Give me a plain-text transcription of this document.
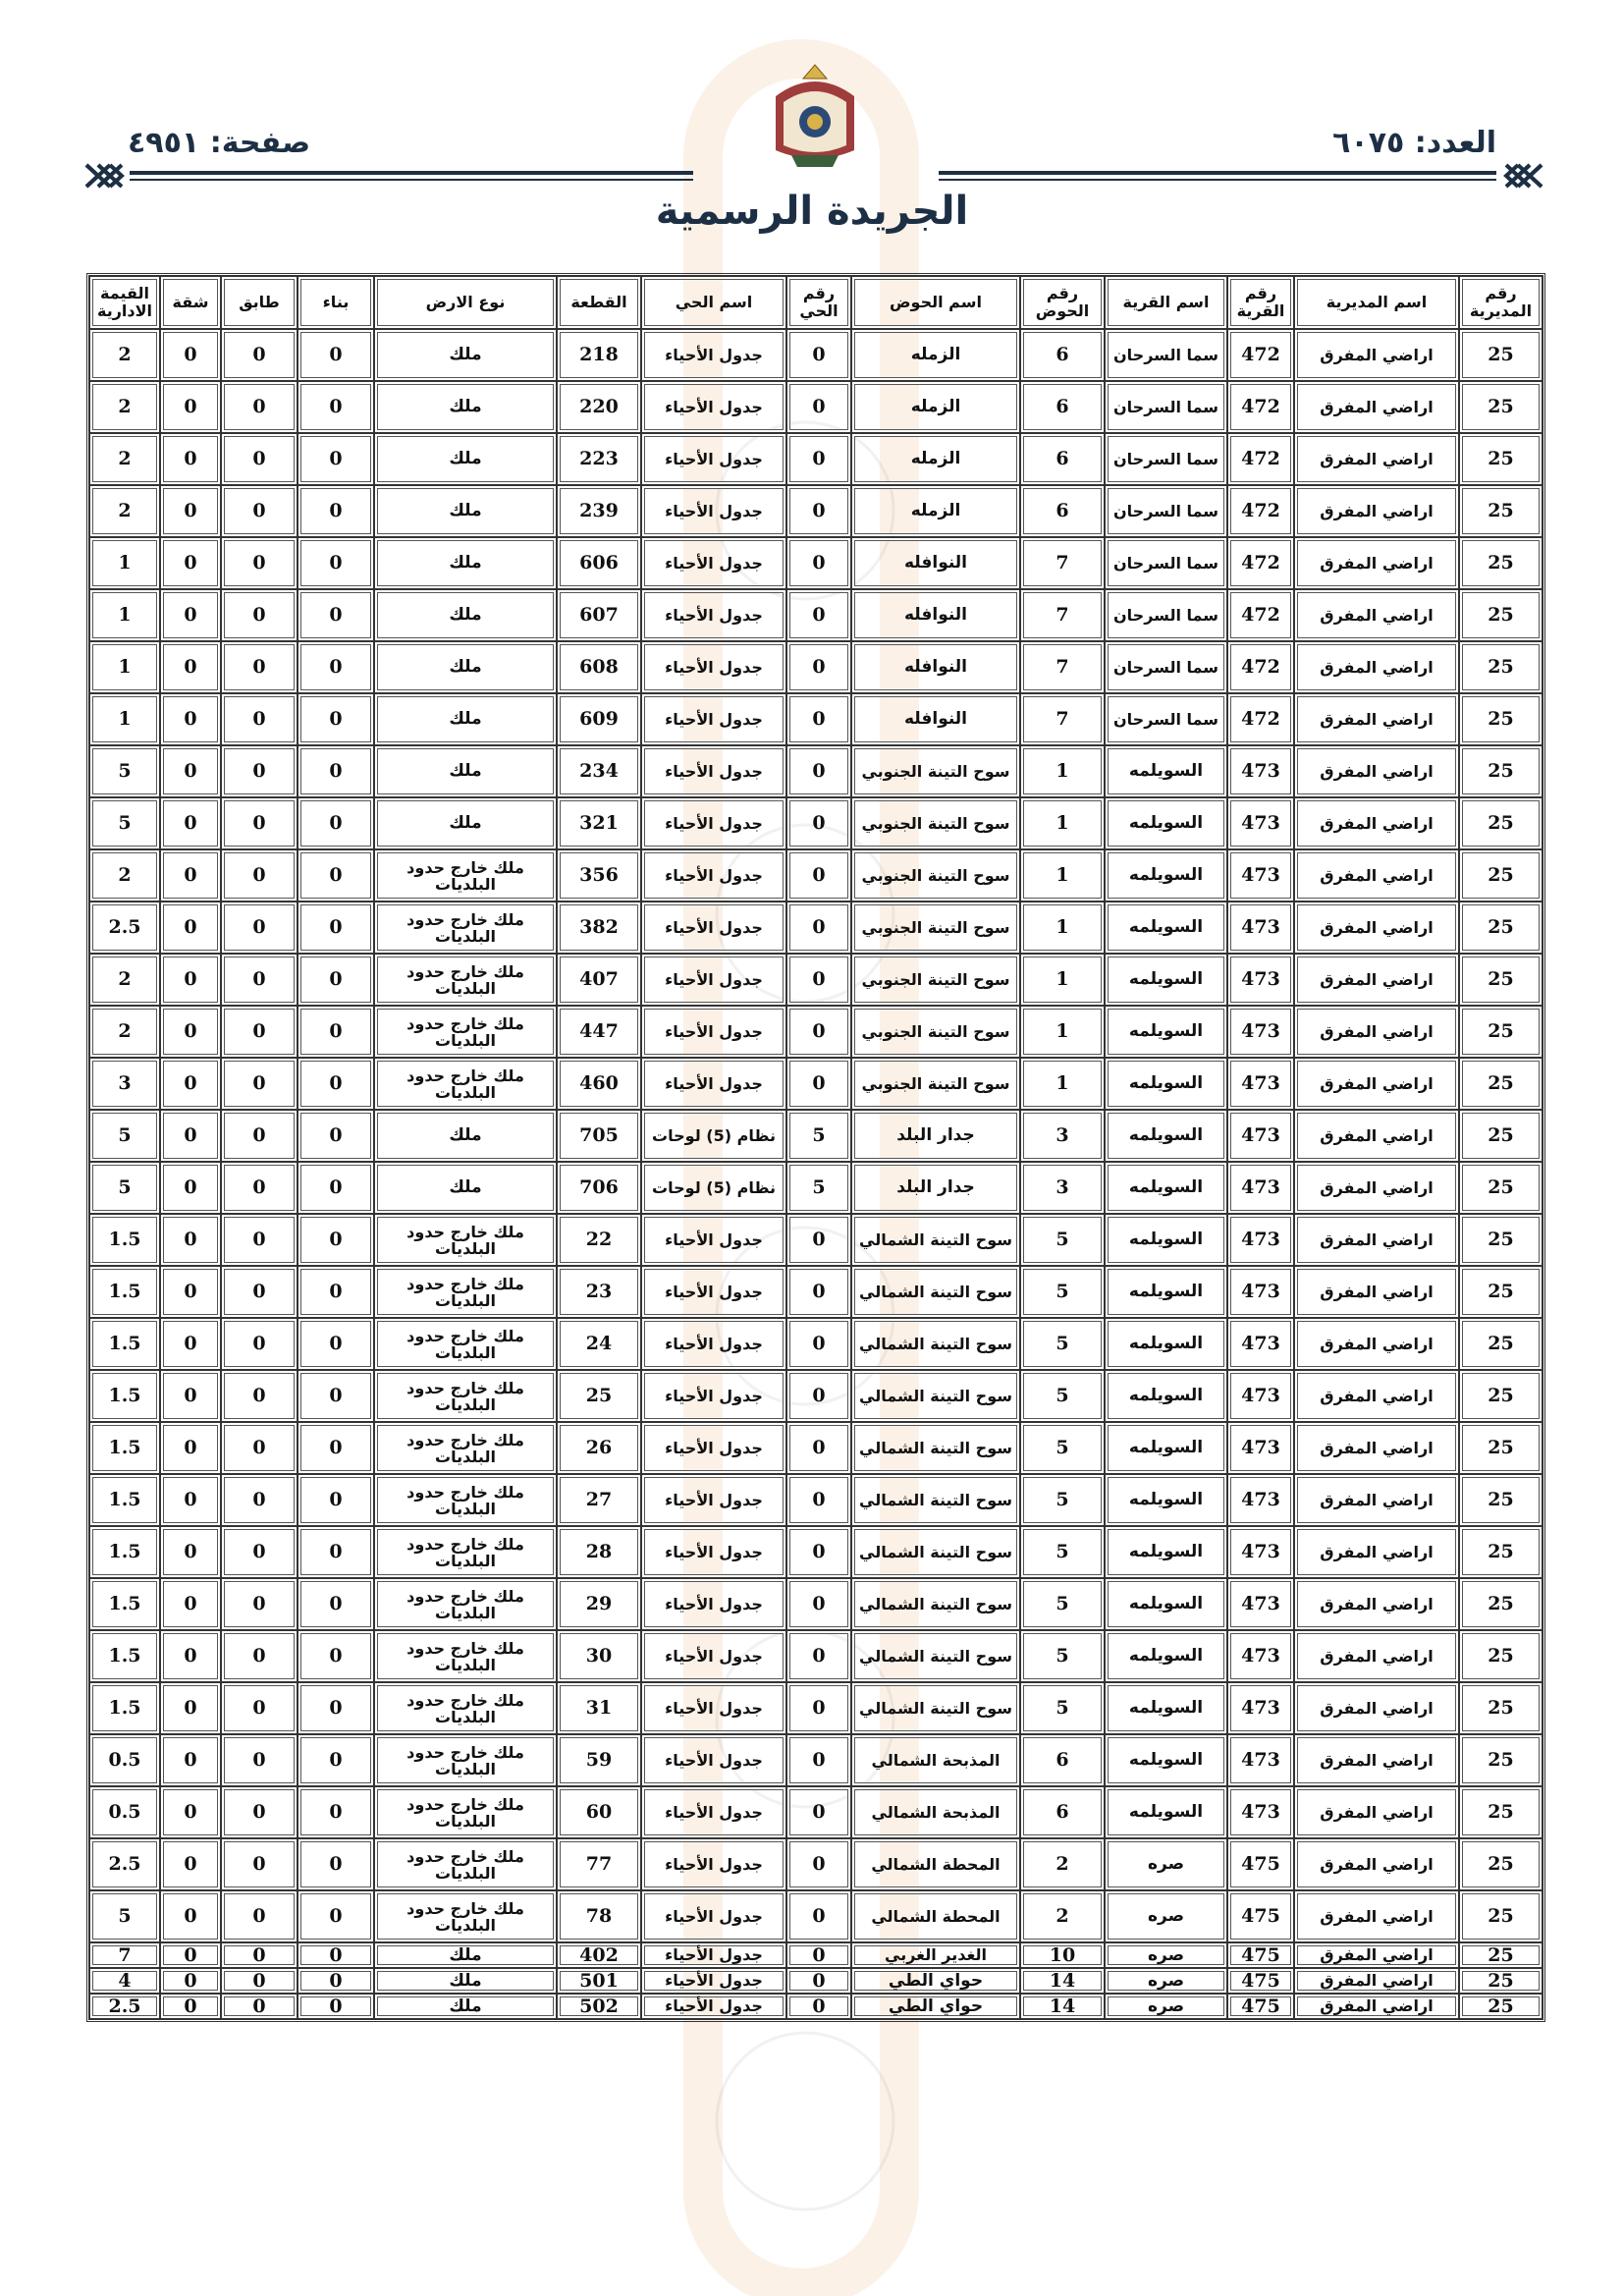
العدد: ٦٠٧٥
صفحة: ٤٩٥١
الجريدة الرسمية
رقم المديرية	اسم المديرية	رقم القرية	اسم القرية	رقم الحوض	اسم الحوض	رقم الحي	اسم الحي	القطعة	نوع الارض	بناء	طابق	شقة	القيمة الادارية
25	اراضي المفرق	472	سما السرحان	6	الزمله	0	جدول الأحياء	218	ملك	0	0	0	2
25	اراضي المفرق	472	سما السرحان	6	الزمله	0	جدول الأحياء	220	ملك	0	0	0	2
25	اراضي المفرق	472	سما السرحان	6	الزمله	0	جدول الأحياء	223	ملك	0	0	0	2
25	اراضي المفرق	472	سما السرحان	6	الزمله	0	جدول الأحياء	239	ملك	0	0	0	2
25	اراضي المفرق	472	سما السرحان	7	النوافله	0	جدول الأحياء	606	ملك	0	0	0	1
25	اراضي المفرق	472	سما السرحان	7	النوافله	0	جدول الأحياء	607	ملك	0	0	0	1
25	اراضي المفرق	472	سما السرحان	7	النوافله	0	جدول الأحياء	608	ملك	0	0	0	1
25	اراضي المفرق	472	سما السرحان	7	النوافله	0	جدول الأحياء	609	ملك	0	0	0	1
25	اراضي المفرق	473	السويلمه	1	سوح التينة الجنوبي	0	جدول الأحياء	234	ملك	0	0	0	5
25	اراضي المفرق	473	السويلمه	1	سوح التينة الجنوبي	0	جدول الأحياء	321	ملك	0	0	0	5
25	اراضي المفرق	473	السويلمه	1	سوح التينة الجنوبي	0	جدول الأحياء	356	ملك خارج حدود البلديات	0	0	0	2
25	اراضي المفرق	473	السويلمه	1	سوح التينة الجنوبي	0	جدول الأحياء	382	ملك خارج حدود البلديات	0	0	0	2.5
25	اراضي المفرق	473	السويلمه	1	سوح التينة الجنوبي	0	جدول الأحياء	407	ملك خارج حدود البلديات	0	0	0	2
25	اراضي المفرق	473	السويلمه	1	سوح التينة الجنوبي	0	جدول الأحياء	447	ملك خارج حدود البلديات	0	0	0	2
25	اراضي المفرق	473	السويلمه	1	سوح التينة الجنوبي	0	جدول الأحياء	460	ملك خارج حدود البلديات	0	0	0	3
25	اراضي المفرق	473	السويلمه	3	جدار البلد	5	نظام (5) لوحات	705	ملك	0	0	0	5
25	اراضي المفرق	473	السويلمه	3	جدار البلد	5	نظام (5) لوحات	706	ملك	0	0	0	5
25	اراضي المفرق	473	السويلمه	5	سوح التينة الشمالي	0	جدول الأحياء	22	ملك خارج حدود البلديات	0	0	0	1.5
25	اراضي المفرق	473	السويلمه	5	سوح التينة الشمالي	0	جدول الأحياء	23	ملك خارج حدود البلديات	0	0	0	1.5
25	اراضي المفرق	473	السويلمه	5	سوح التينة الشمالي	0	جدول الأحياء	24	ملك خارج حدود البلديات	0	0	0	1.5
25	اراضي المفرق	473	السويلمه	5	سوح التينة الشمالي	0	جدول الأحياء	25	ملك خارج حدود البلديات	0	0	0	1.5
25	اراضي المفرق	473	السويلمه	5	سوح التينة الشمالي	0	جدول الأحياء	26	ملك خارج حدود البلديات	0	0	0	1.5
25	اراضي المفرق	473	السويلمه	5	سوح التينة الشمالي	0	جدول الأحياء	27	ملك خارج حدود البلديات	0	0	0	1.5
25	اراضي المفرق	473	السويلمه	5	سوح التينة الشمالي	0	جدول الأحياء	28	ملك خارج حدود البلديات	0	0	0	1.5
25	اراضي المفرق	473	السويلمه	5	سوح التينة الشمالي	0	جدول الأحياء	29	ملك خارج حدود البلديات	0	0	0	1.5
25	اراضي المفرق	473	السويلمه	5	سوح التينة الشمالي	0	جدول الأحياء	30	ملك خارج حدود البلديات	0	0	0	1.5
25	اراضي المفرق	473	السويلمه	5	سوح التينة الشمالي	0	جدول الأحياء	31	ملك خارج حدود البلديات	0	0	0	1.5
25	اراضي المفرق	473	السويلمه	6	المذبحة الشمالي	0	جدول الأحياء	59	ملك خارج حدود البلديات	0	0	0	0.5
25	اراضي المفرق	473	السويلمه	6	المذبحة الشمالي	0	جدول الأحياء	60	ملك خارج حدود البلديات	0	0	0	0.5
25	اراضي المفرق	475	صره	2	المحطة الشمالي	0	جدول الأحياء	77	ملك خارج حدود البلديات	0	0	0	2.5
25	اراضي المفرق	475	صره	2	المحطة الشمالي	0	جدول الأحياء	78	ملك خارج حدود البلديات	0	0	0	5
25	اراضي المفرق	475	صره	10	الغدير الغربي	0	جدول الأحياء	402	ملك	0	0	0	7
25	اراضي المفرق	475	صره	14	حواي الطي	0	جدول الأحياء	501	ملك	0	0	0	4
25	اراضي المفرق	475	صره	14	حواي الطي	0	جدول الأحياء	502	ملك	0	0	0	2.5
